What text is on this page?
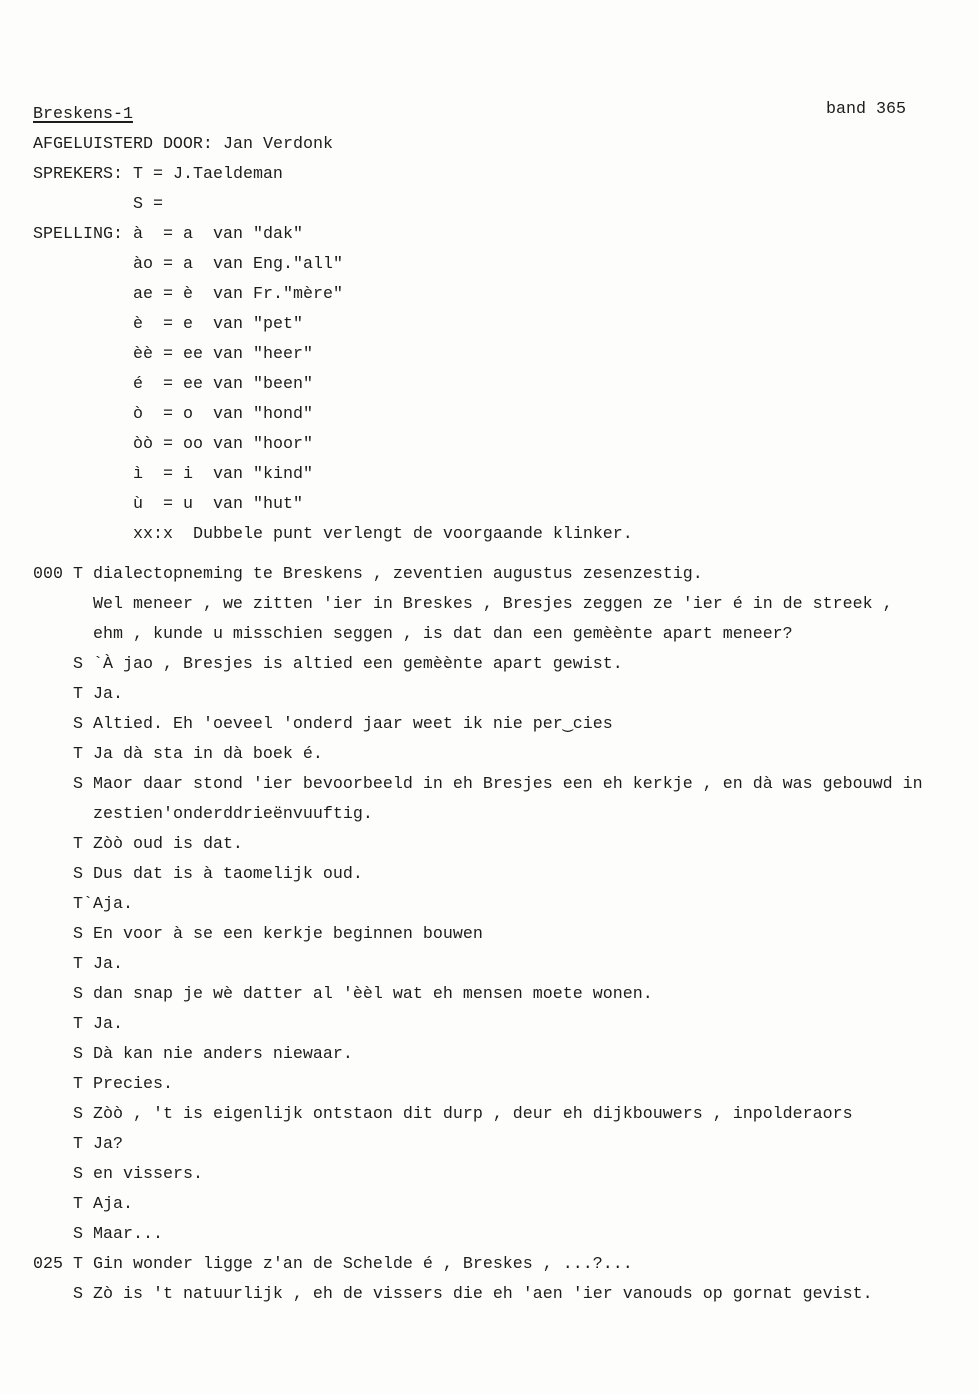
band 365
Breskens-1
AFGELUISTERD DOOR: Jan Verdonk
SPREKERS: T = J.Taeldeman
S =
SPELLING: à = a van "dak"
ào = a van Eng."all"
ae = è van Fr."mère"
è = e van "pet"
èè = ee van "heer"
é = ee van "been"
ò = o van "hond"
òò = oo van "hoor"
ì = i van "kind"
ù = u van "hut"
xx:x Dubbele punt verlengt de voorgaande klinker.
000 T dialectopneming te Breskens , zeventien augustus zesenzestig.
Wel meneer , we zitten 'ier in Breskes , Bresjes zeggen ze 'ier é in de streek ,
ehm , kunde u misschien seggen , is dat dan een gemèènte apart meneer?
S `À jao , Bresjes is altied een gemèènte apart gewist.
T Ja.
S Altied. Eh 'oeveel 'onderd jaar weet ik nie per‿cies
T Ja dà sta in dà boek é.
S Maor daar stond 'ier bevoorbeeld in eh Bresjes een eh kerkje , en dà was gebouwd in
zestien'onderddrieënvuuftig.
T Zòò oud is dat.
S Dus dat is à taomelijk oud.
T `Aja.
S En voor à se een kerkje beginnen bouwen
T Ja.
S dan snap je wè datter al 'èèl wat eh mensen moete wonen.
T Ja.
S Dà kan nie anders niewaar.
T Precies.
S Zòò , 't is eigenlijk ontstaon dit durp , deur eh dijkbouwers , inpolderaors
T Ja?
S en vissers.
T Aja.
S Maar...
025 T Gin wonder ligge z'an de Schelde é , Breskes , ...?...
S Zò is 't natuurlijk , eh de vissers die eh 'aen 'ier vanouds op gornat gevist.
